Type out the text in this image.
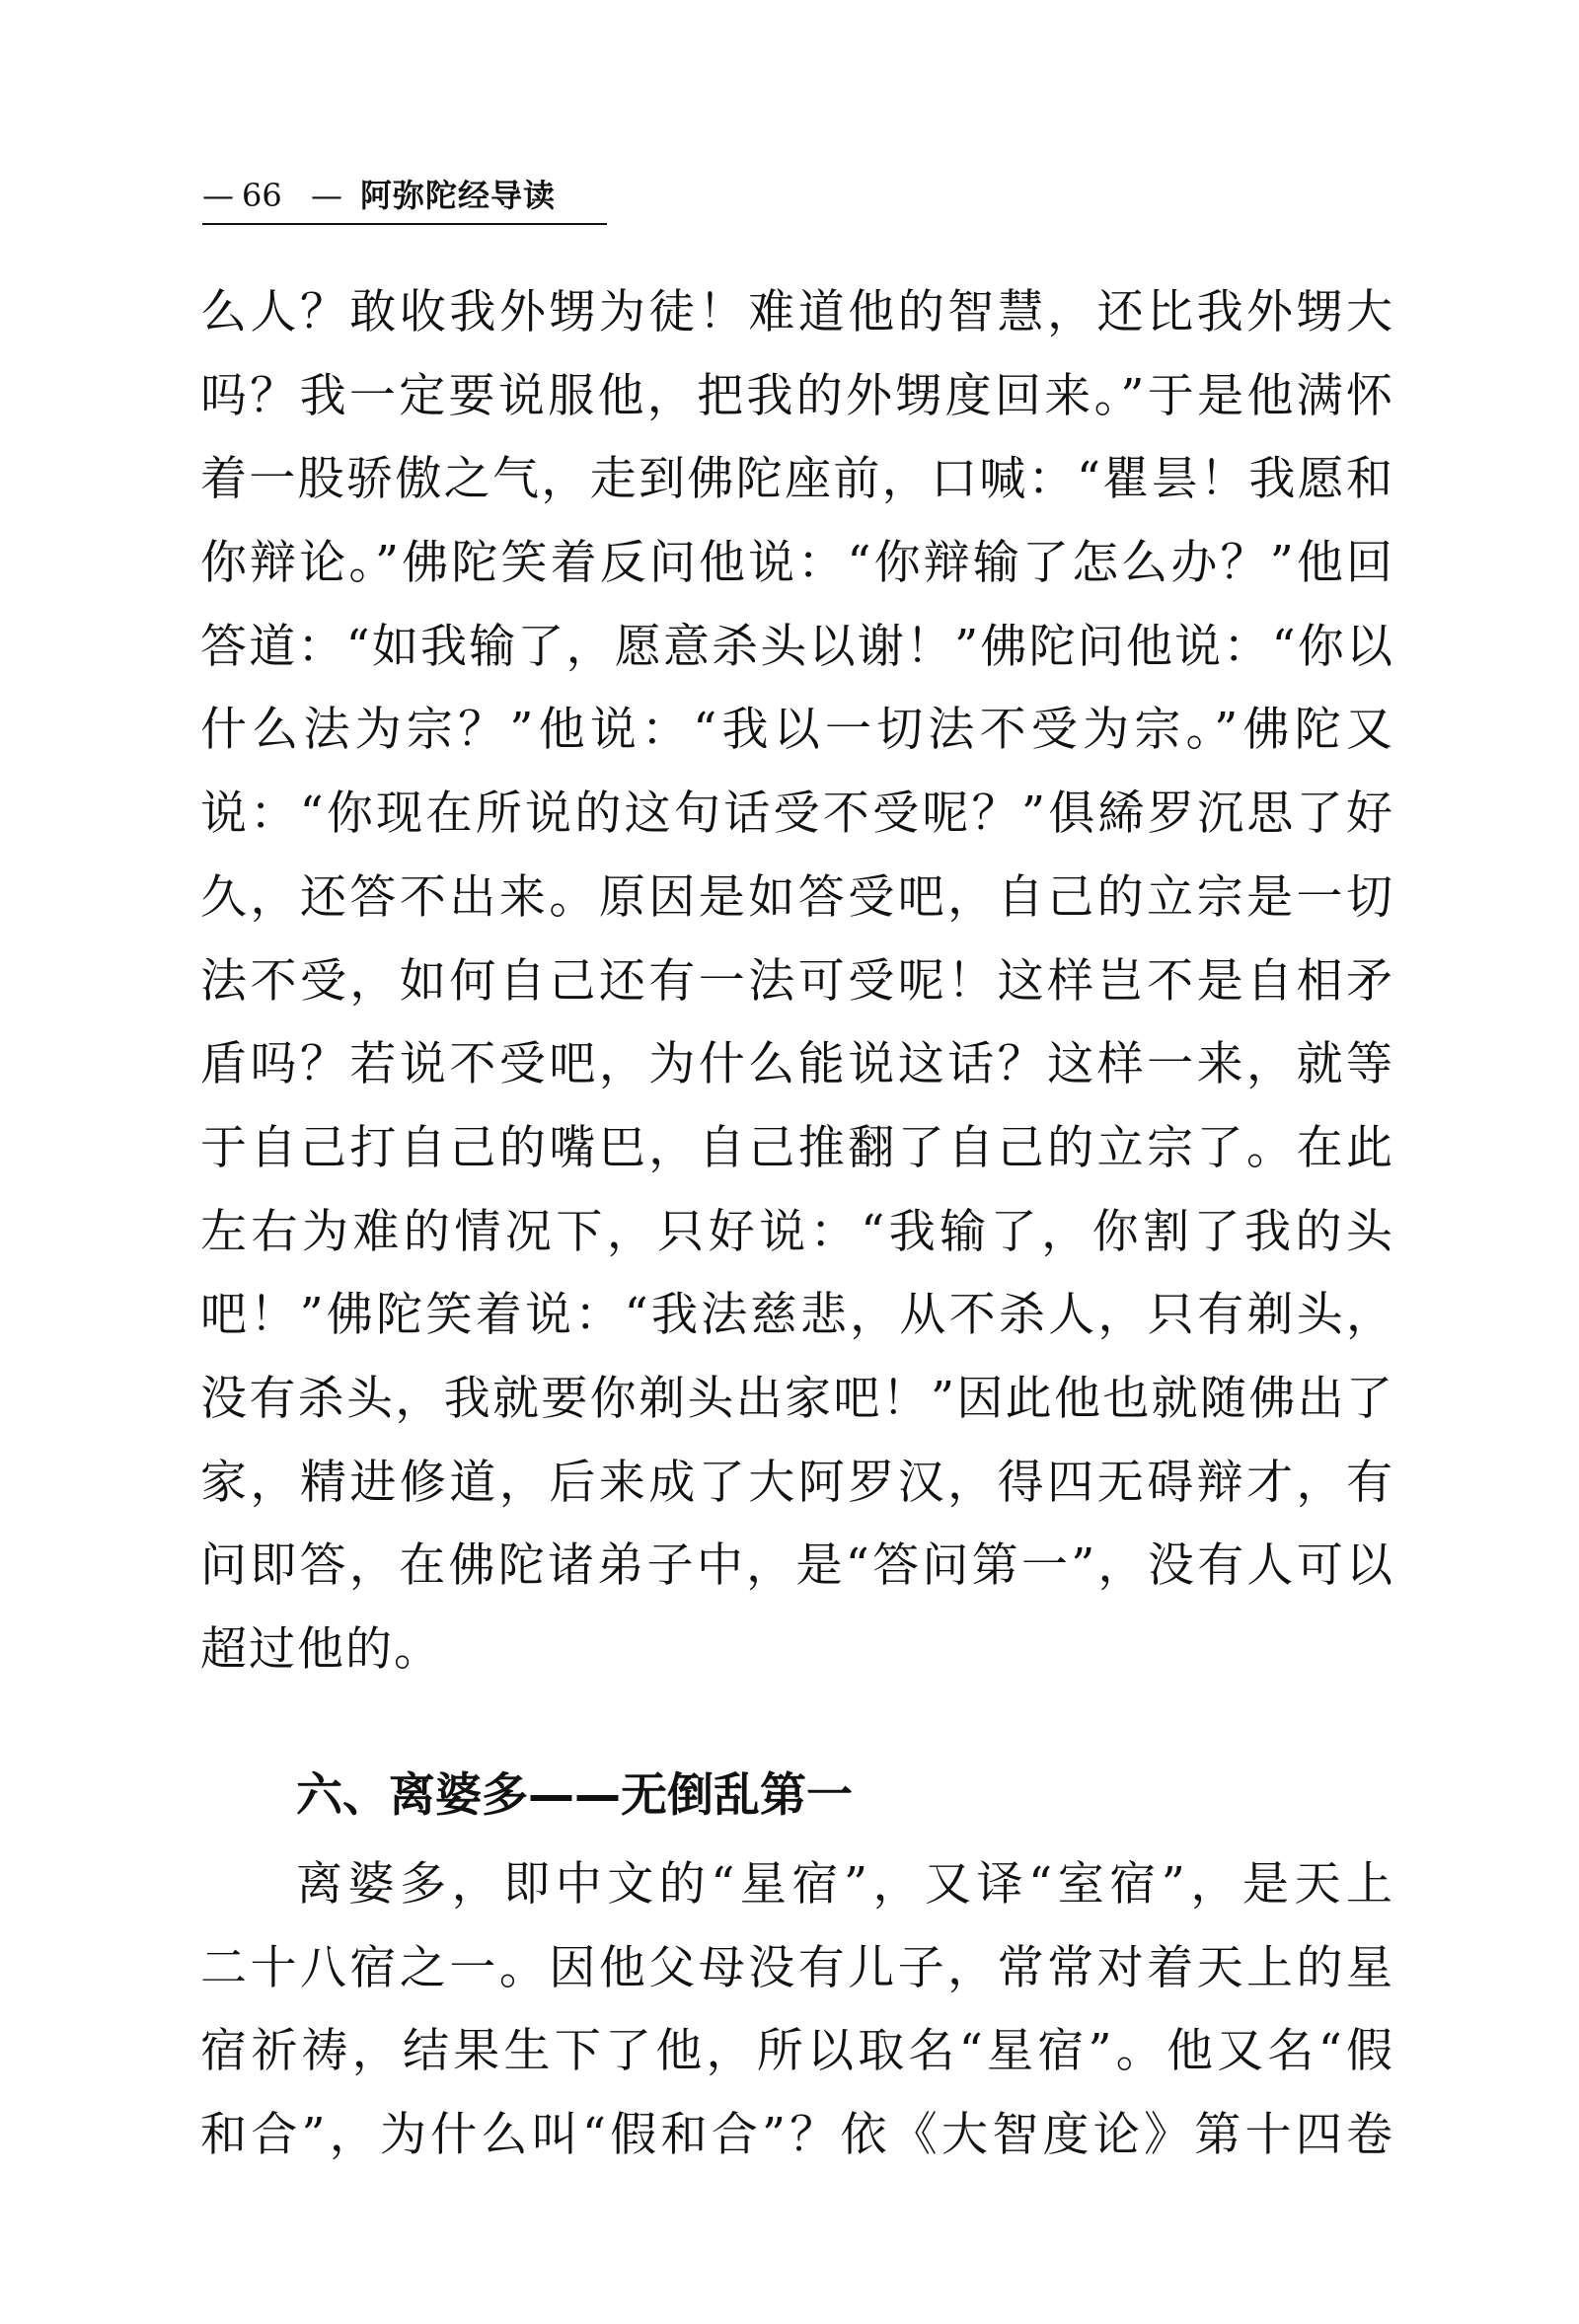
— 66 — 阿弥陀经导读
么人？敢收我外甥为徒！难道他的智慧，还比我外甥大
吗？我一定要说服他，把我的外甥度回来。”于是他满怀
着一股骄傲之气，走到佛陀座前，口喊：“瞿昙！我愿和
你辩论。”佛陀笑着反问他说：“你辩输了怎么办？”他回
答道：“如我输了，愿意杀头以谢！”佛陀问他说：“你以
什么法为宗？”他说：“我以一切法不受为宗。”佛陀又
说：“你现在所说的这句话受不受呢？”俱絺罗沉思了好
久，还答不出来。原因是如答受吧，自己的立宗是一切
法不受，如何自己还有一法可受呢！这样岂不是自相矛
盾吗？若说不受吧，为什么能说这话？这样一来，就等
于自己打自己的嘴巴，自己推翻了自己的立宗了。在此
左右为难的情况下，只好说：“我输了，你割了我的头
吧！”佛陀笑着说：“我法慈悲，从不杀人，只有剃头，
没有杀头，我就要你剃头出家吧！”因此他也就随佛出了
家，精进修道，后来成了大阿罗汉，得四无碍辩才，有
问即答，在佛陀诸弟子中，是“答问第一”，没有人可以
超过他的。
六、离婆多——无倒乱第一
离婆多，即中文的“星宿”，又译“室宿”，是天上
二十八宿之一。因他父母没有儿子，常常对着天上的星
宿祈祷，结果生下了他，所以取名“星宿”。他又名“假
和合”，为什么叫“假和合”？依《大智度论》第十四卷
